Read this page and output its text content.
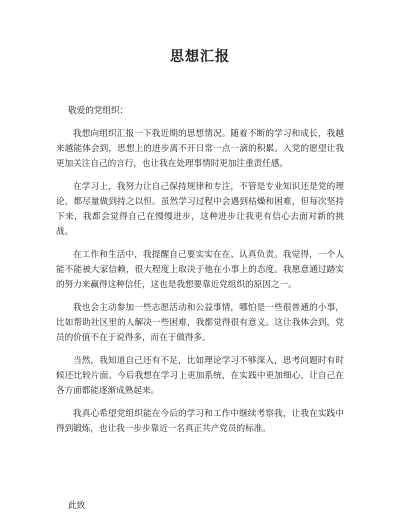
思想汇报

敬爱的党组织：

我想向组织汇报一下我近期的思想情况。随着不断的学习和成长，我越来越能体会到，思想上的进步离不开日常一点一滴的积累。入党的愿望让我更加关注自己的言行，也让我在处理事情时更加注重责任感。

在学习上，我努力让自己保持规律和专注，不管是专业知识还是党的理论，都尽量做到持之以恒。虽然学习过程中会遇到枯燥和困难，但每次坚持下来，我都会觉得自己在慢慢进步，这种进步让我更有信心去面对新的挑战。

在工作和生活中，我提醒自己要实实在在、认真负责。我觉得，一个人能不能被大家信赖，很大程度上取决于他在小事上的态度。我愿意通过踏实的努力来赢得这种信任，这也是我想要靠近党组织的原因之一。

我也会主动参加一些志愿活动和公益事情，哪怕是一些很普通的小事，比如帮助社区里的人解决一些困难，我都觉得很有意义。这让我体会到，党员的价值不在于说得多，而在于做得多。

当然，我知道自己还有不足，比如理论学习不够深入，思考问题时有时候还比较片面。今后我想在学习上更加系统，在实践中更加细心，让自己在各方面都能逐渐成熟起来。

我真心希望党组织能在今后的学习和工作中继续考察我，让我在实践中得到锻炼，也让我一步步靠近一名真正共产党员的标准。

此致
